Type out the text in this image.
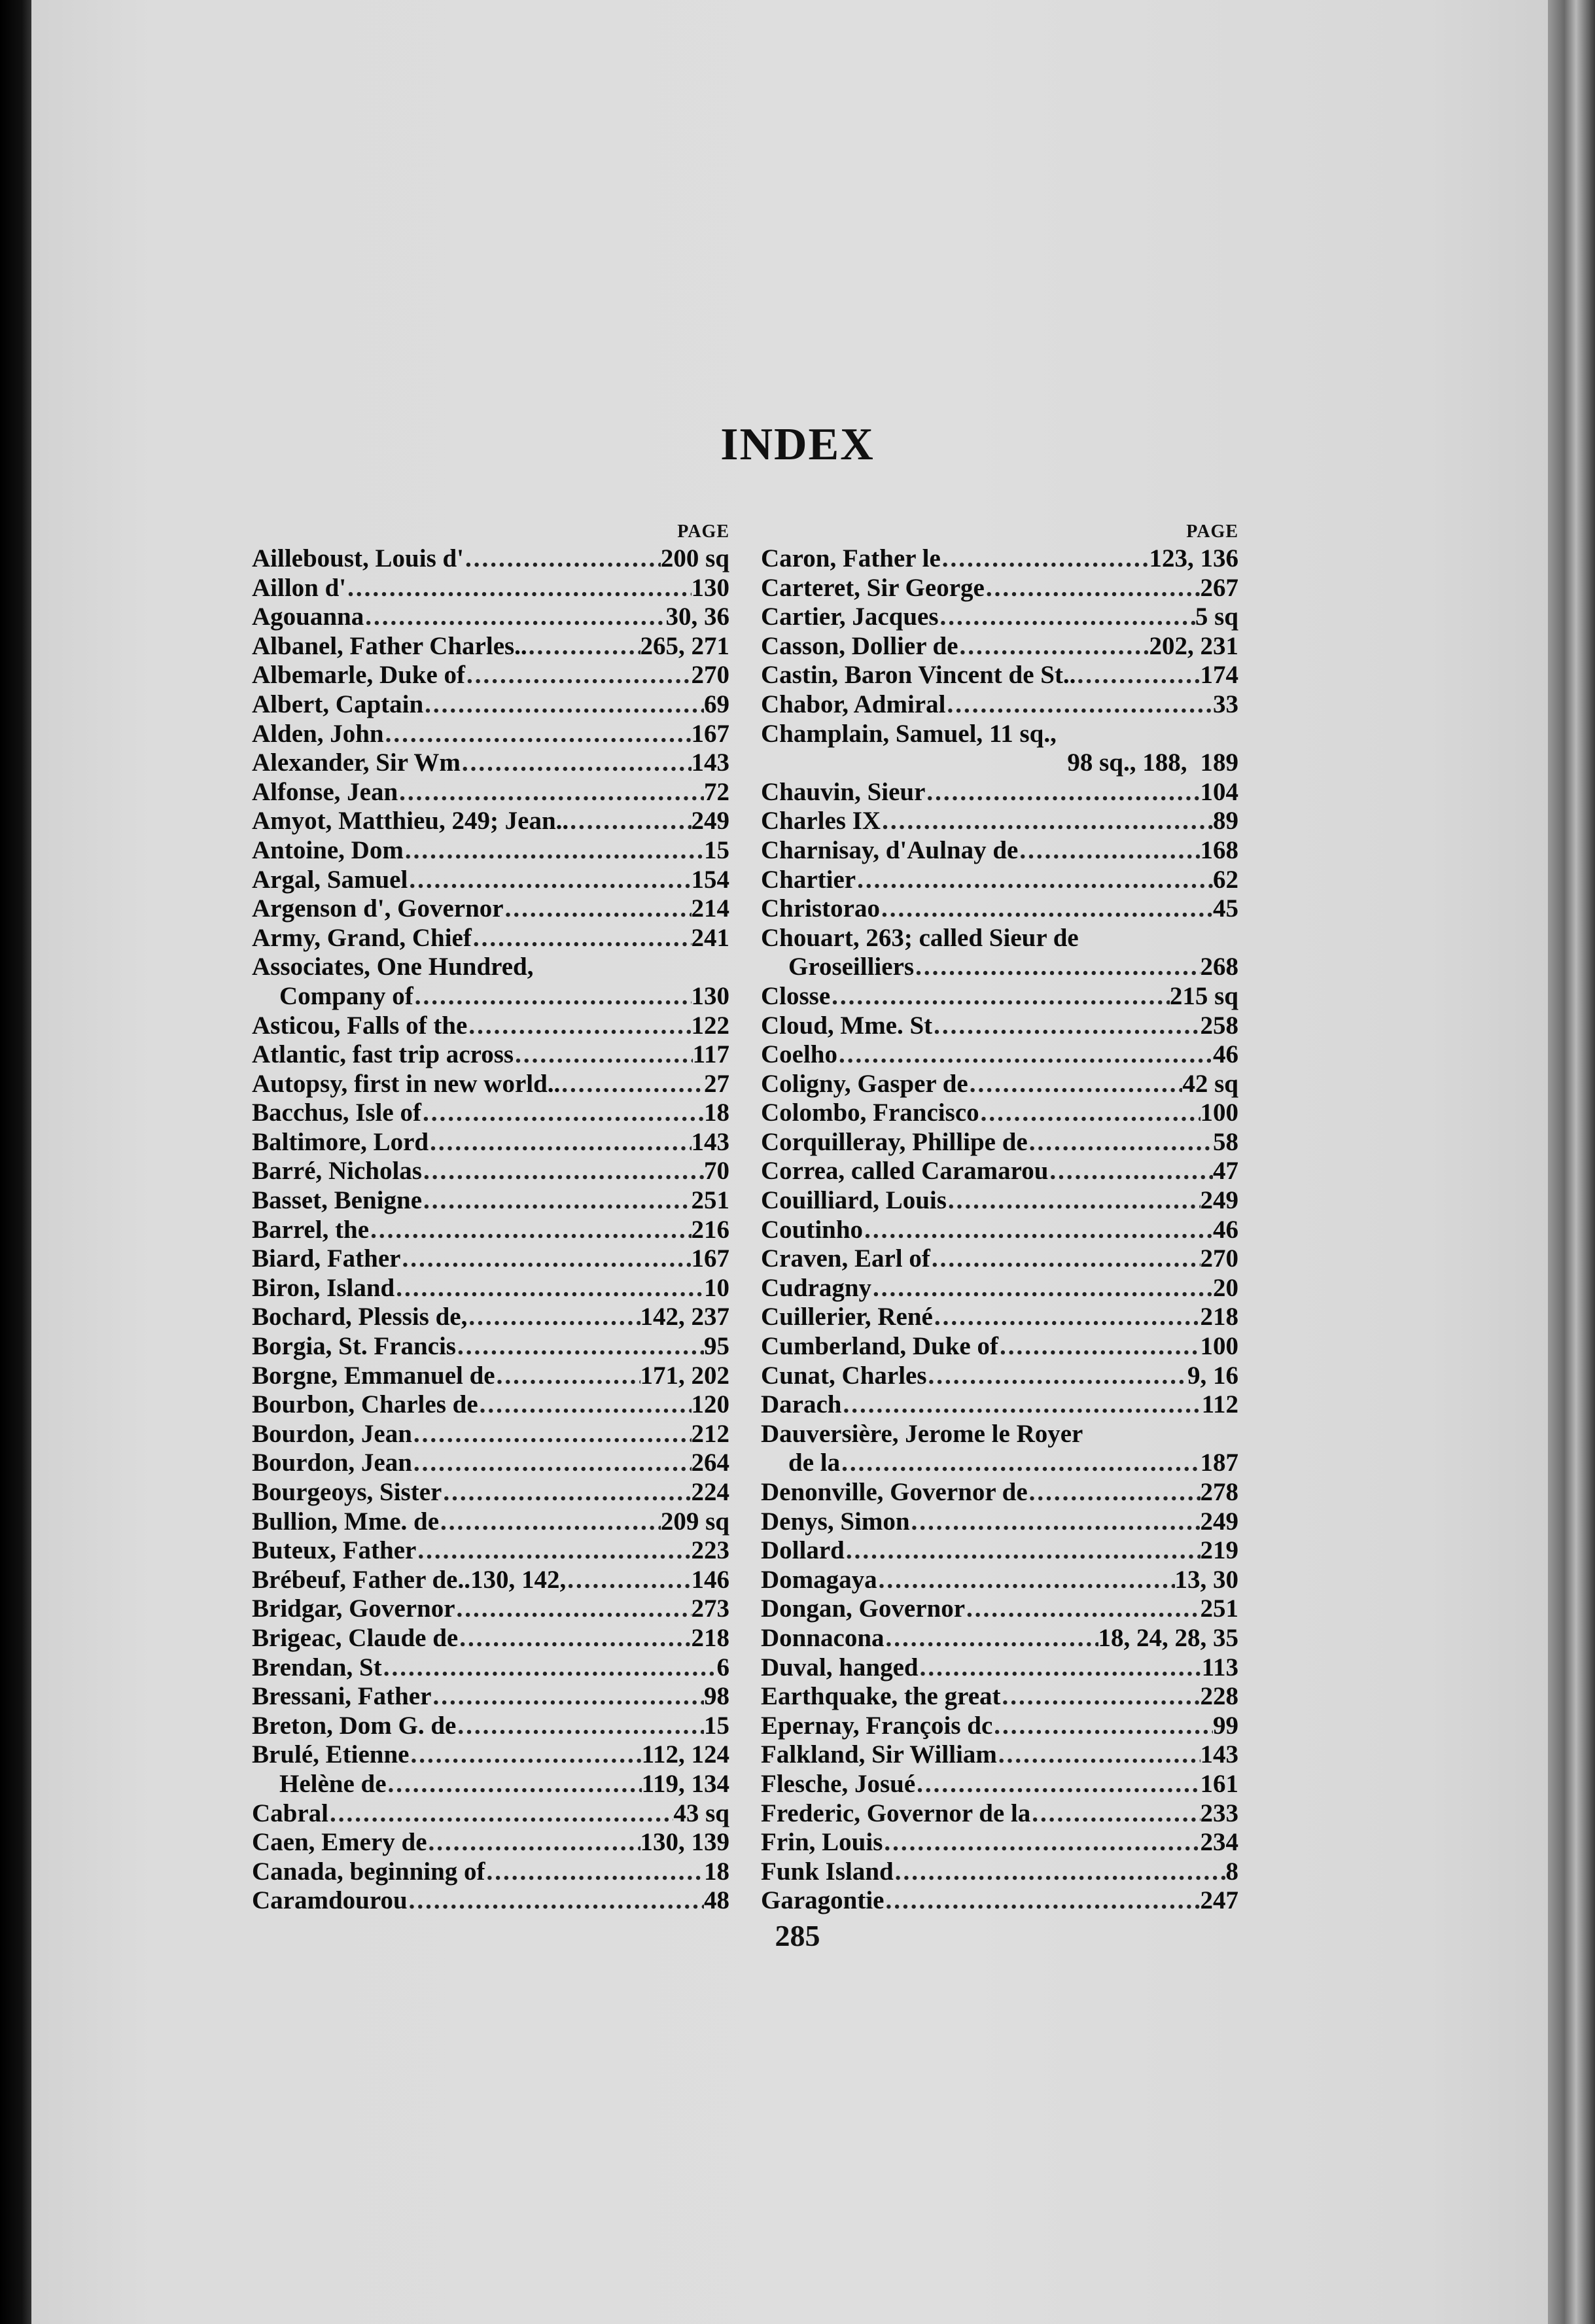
INDEX
PAGE
Ailleboust, Louis d' .....	200 sq
Aillon d' .....	130
Agouanna .....	30, 36
Albanel, Father Charles.. .....	265, 271
Albemarle, Duke of .....	270
Albert, Captain .....	69
Alden, John .....	167
Alexander, Sir Wm .....	143
Alfonse, Jean .....	72
Amyot, Matthieu, 249; Jean.. .....	249
Antoine, Dom .....	15
Argal, Samuel .....	154
Argenson d', Governor .....	214
Army, Grand, Chief .....	241
Associates, One Hundred,
Company of .....	130
Asticou, Falls of the .....	122
Atlantic, fast trip across .....	117
Autopsy, first in new world.. .....	27
Bacchus, Isle of .....	18
Baltimore, Lord .....	143
Barré, Nicholas .....	70
Basset, Benigne .....	251
Barrel, the .....	216
Biard, Father .....	167
Biron, Island .....	10
Bochard, Plessis de, .....	142, 237
Borgia, St. Francis .....	95
Borgne, Emmanuel de .....	171, 202
Bourbon, Charles de .....	120
Bourdon, Jean .....	212
Bourdon, Jean .....	264
Bourgeoys, Sister .....	224
Bullion, Mme. de .....	209 sq
Buteux, Father .....	223
Brébeuf, Father de..130, 142, .....	146
Bridgar, Governor .....	273
Brigeac, Claude de .....	218
Brendan, St .....	6
Bressani, Father .....	98
Breton, Dom G. de .....	15
Brulé, Etienne .....	112, 124
Helène de .....	119, 134
Cabral .....	43 sq
Caen, Emery de .....	130, 139
Canada, beginning of .....	18
Caramdourou .....	48
PAGE
Caron, Father le .....	123, 136
Carteret, Sir George .....	267
Cartier, Jacques .....	5 sq
Casson, Dollier de .....	202, 231
Castin, Baron Vincent de St.. .....	174
Chabor, Admiral .....	33
Champlain, Samuel, 11 sq.,
98 sq., 188, 189
Chauvin, Sieur .....	104
Charles IX .....	89
Charnisay, d'Aulnay de .....	168
Chartier .....	62
Christorao .....	45
Chouart, 263; called Sieur de
Groseilliers .....	268
Closse .....	215 sq
Cloud, Mme. St .....	258
Coelho .....	46
Coligny, Gasper de .....	42 sq
Colombo, Francisco .....	100
Corquilleray, Phillipe de .....	58
Correa, called Caramarou .....	47
Couilliard, Louis .....	249
Coutinho .....	46
Craven, Earl of .....	270
Cudragny .....	20
Cuillerier, René .....	218
Cumberland, Duke of .....	100
Cunat, Charles .....	9, 16
Darach .....	112
Dauversière, Jerome le Royer
de la .....	187
Denonville, Governor de .....	278
Denys, Simon .....	249
Dollard .....	219
Domagaya .....	13, 30
Dongan, Governor .....	251
Donnacona .....	18, 24, 28, 35
Duval, hanged .....	113
Earthquake, the great .....	228
Epernay, François dc .....	99
Falkland, Sir William .....	143
Flesche, Josué .....	161
Frederic, Governor de la .....	233
Frin, Louis .....	234
Funk Island .....	8
Garagontie .....	247
285
